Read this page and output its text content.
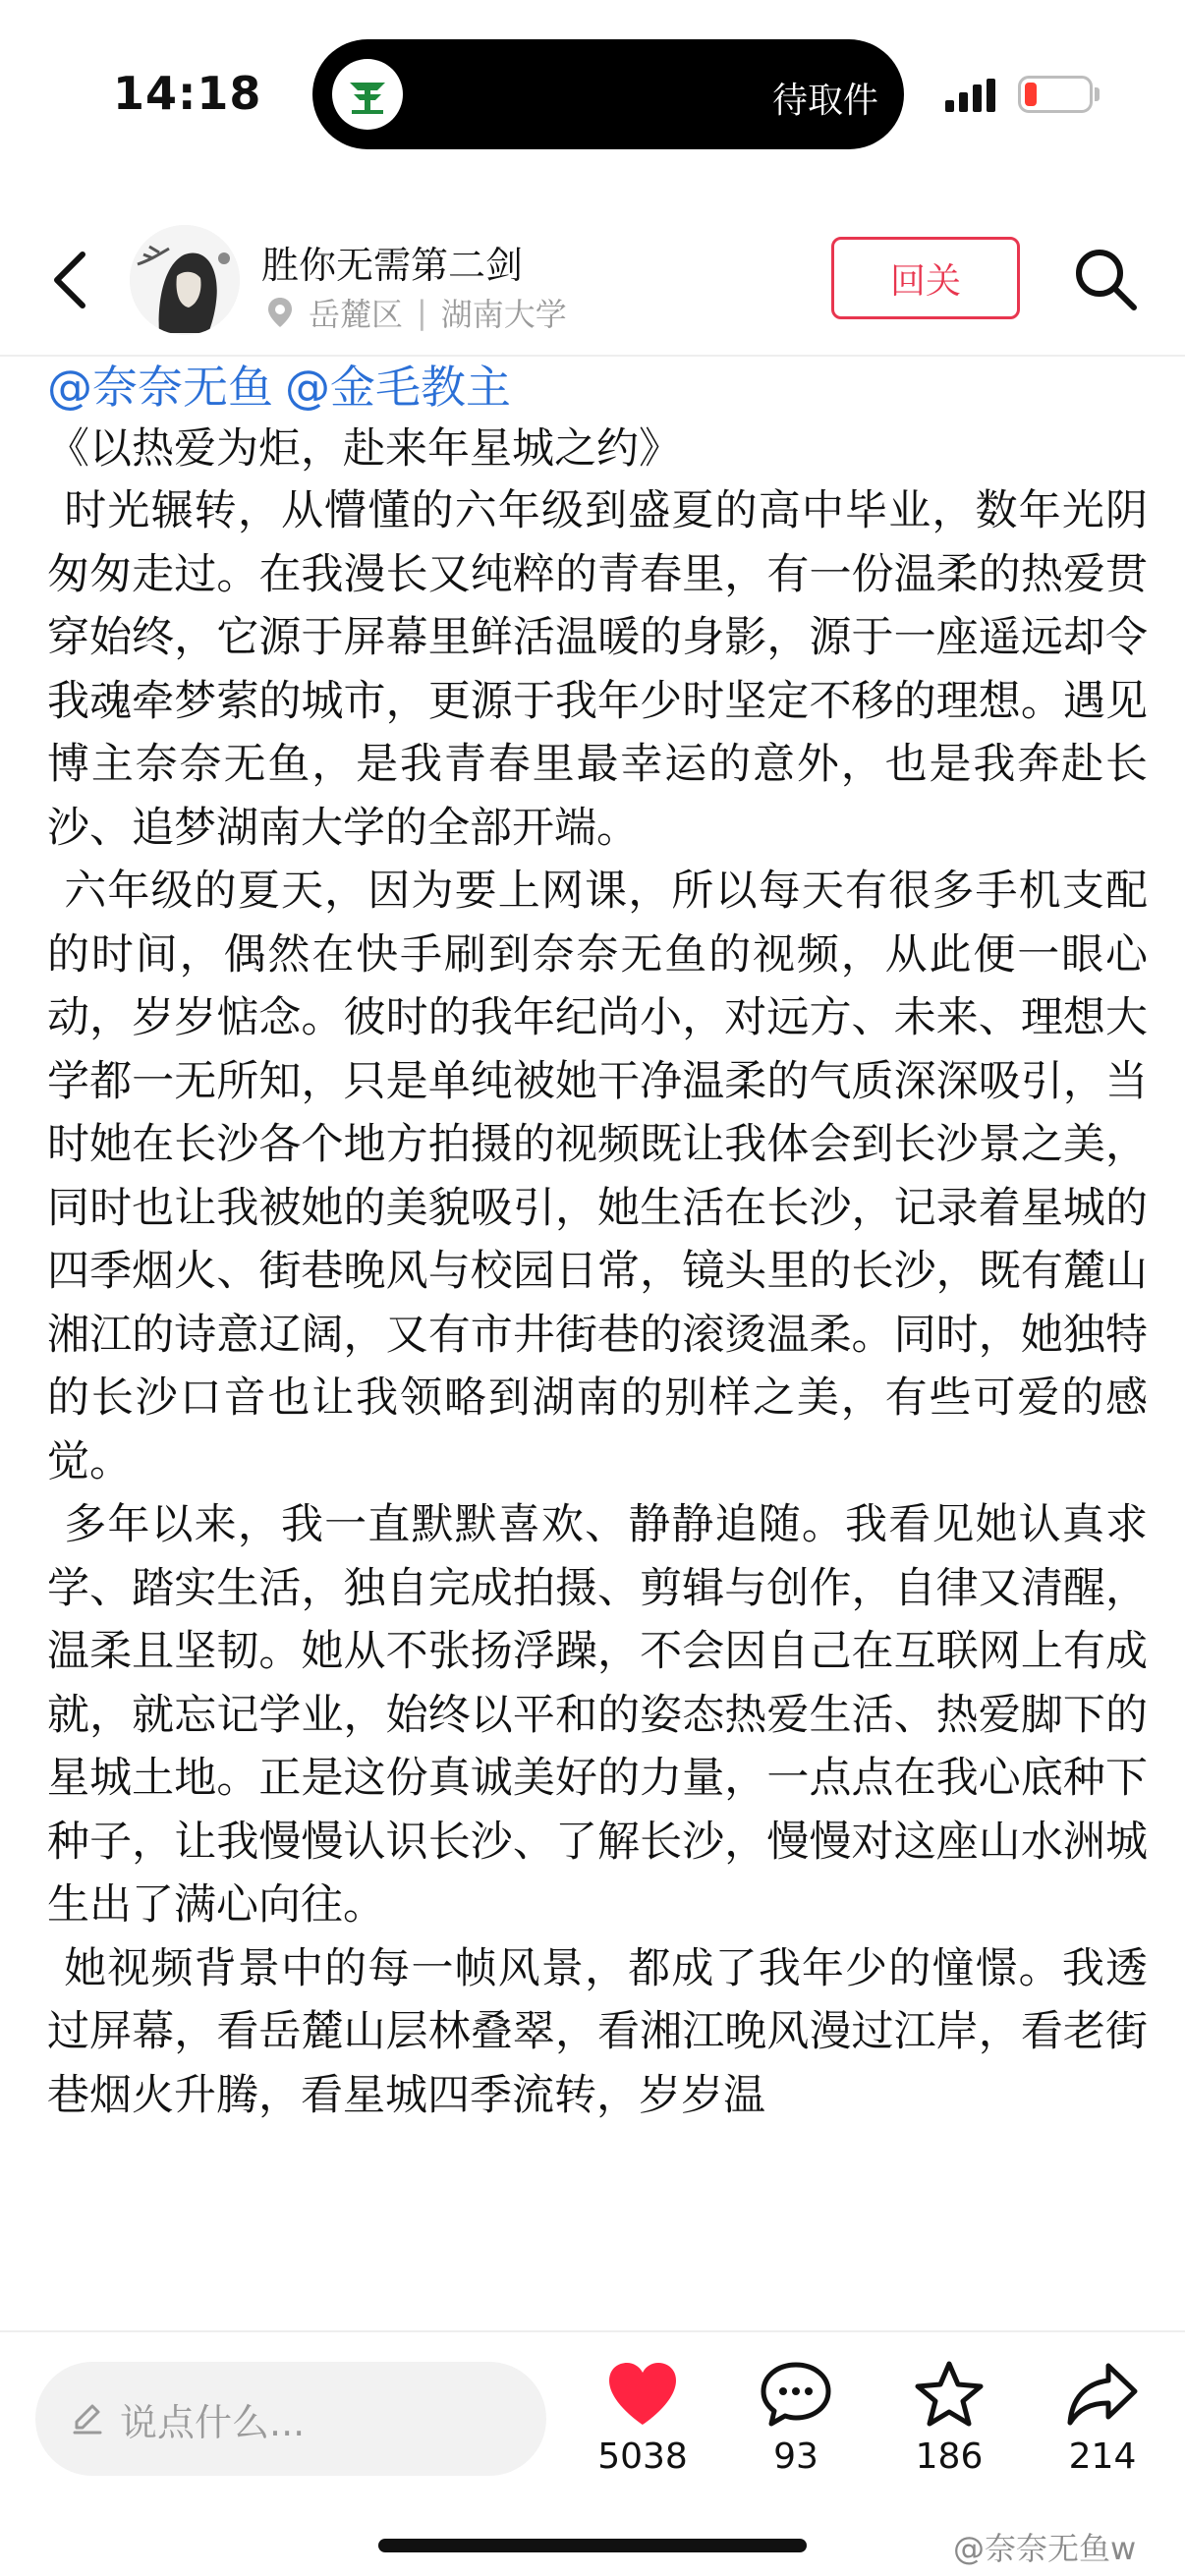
14:18	待取件
胜你无需第二剑
岳麓区 | 湖南大学
回关
@奈奈无鱼 @金毛教主
《以热爱为炬，赴来年星城之约》

时光辗转，从懵懂的六年级到盛夏的高中毕业，数年光阴匆匆走过。在我漫长又纯粹的青春里，有一份温柔的热爱贯穿始终，它源于屏幕里鲜活温暖的身影，源于一座遥远却令我魂牵梦萦的城市，更源于我年少时坚定不移的理想。遇见博主奈奈无鱼，是我青春里最幸运的意外，也是我奔赴长沙、追梦湖南大学的全部开端。

六年级的夏天，因为要上网课，所以每天有很多手机支配的时间，偶然在快手刷到奈奈无鱼的视频，从此便一眼心动，岁岁惦念。彼时的我年纪尚小，对远方、未来、理想大学都一无所知，只是单纯被她干净温柔的气质深深吸引，当时她在长沙各个地方拍摄的视频既让我体会到长沙景之美，同时也让我被她的美貌吸引，她生活在长沙，记录着星城的四季烟火、街巷晚风与校园日常，镜头里的长沙，既有麓山湘江的诗意辽阔，又有市井街巷的滚烫温柔。同时，她独特的长沙口音也让我领略到湖南的别样之美，有些可爱的感觉。

多年以来，我一直默默喜欢、静静追随。我看见她认真求学、踏实生活，独自完成拍摄、剪辑与创作，自律又清醒，温柔且坚韧。她从不张扬浮躁，不会因自己在互联网上有成就，就忘记学业，始终以平和的姿态热爱生活、热爱脚下的星城土地。正是这份真诚美好的力量，一点点在我心底种下种子，让我慢慢认识长沙、了解长沙，慢慢对这座山水洲城生出了满心向往。

她视频背景中的每一帧风景，都成了我年少的憧憬。我透过屏幕，看岳麓山层林叠翠，看湘江晚风漫过江岸，看老街巷烟火升腾，看星城四季流转，岁岁温

说点什么...
5038 93	186 214
@奈奈无鱼w
